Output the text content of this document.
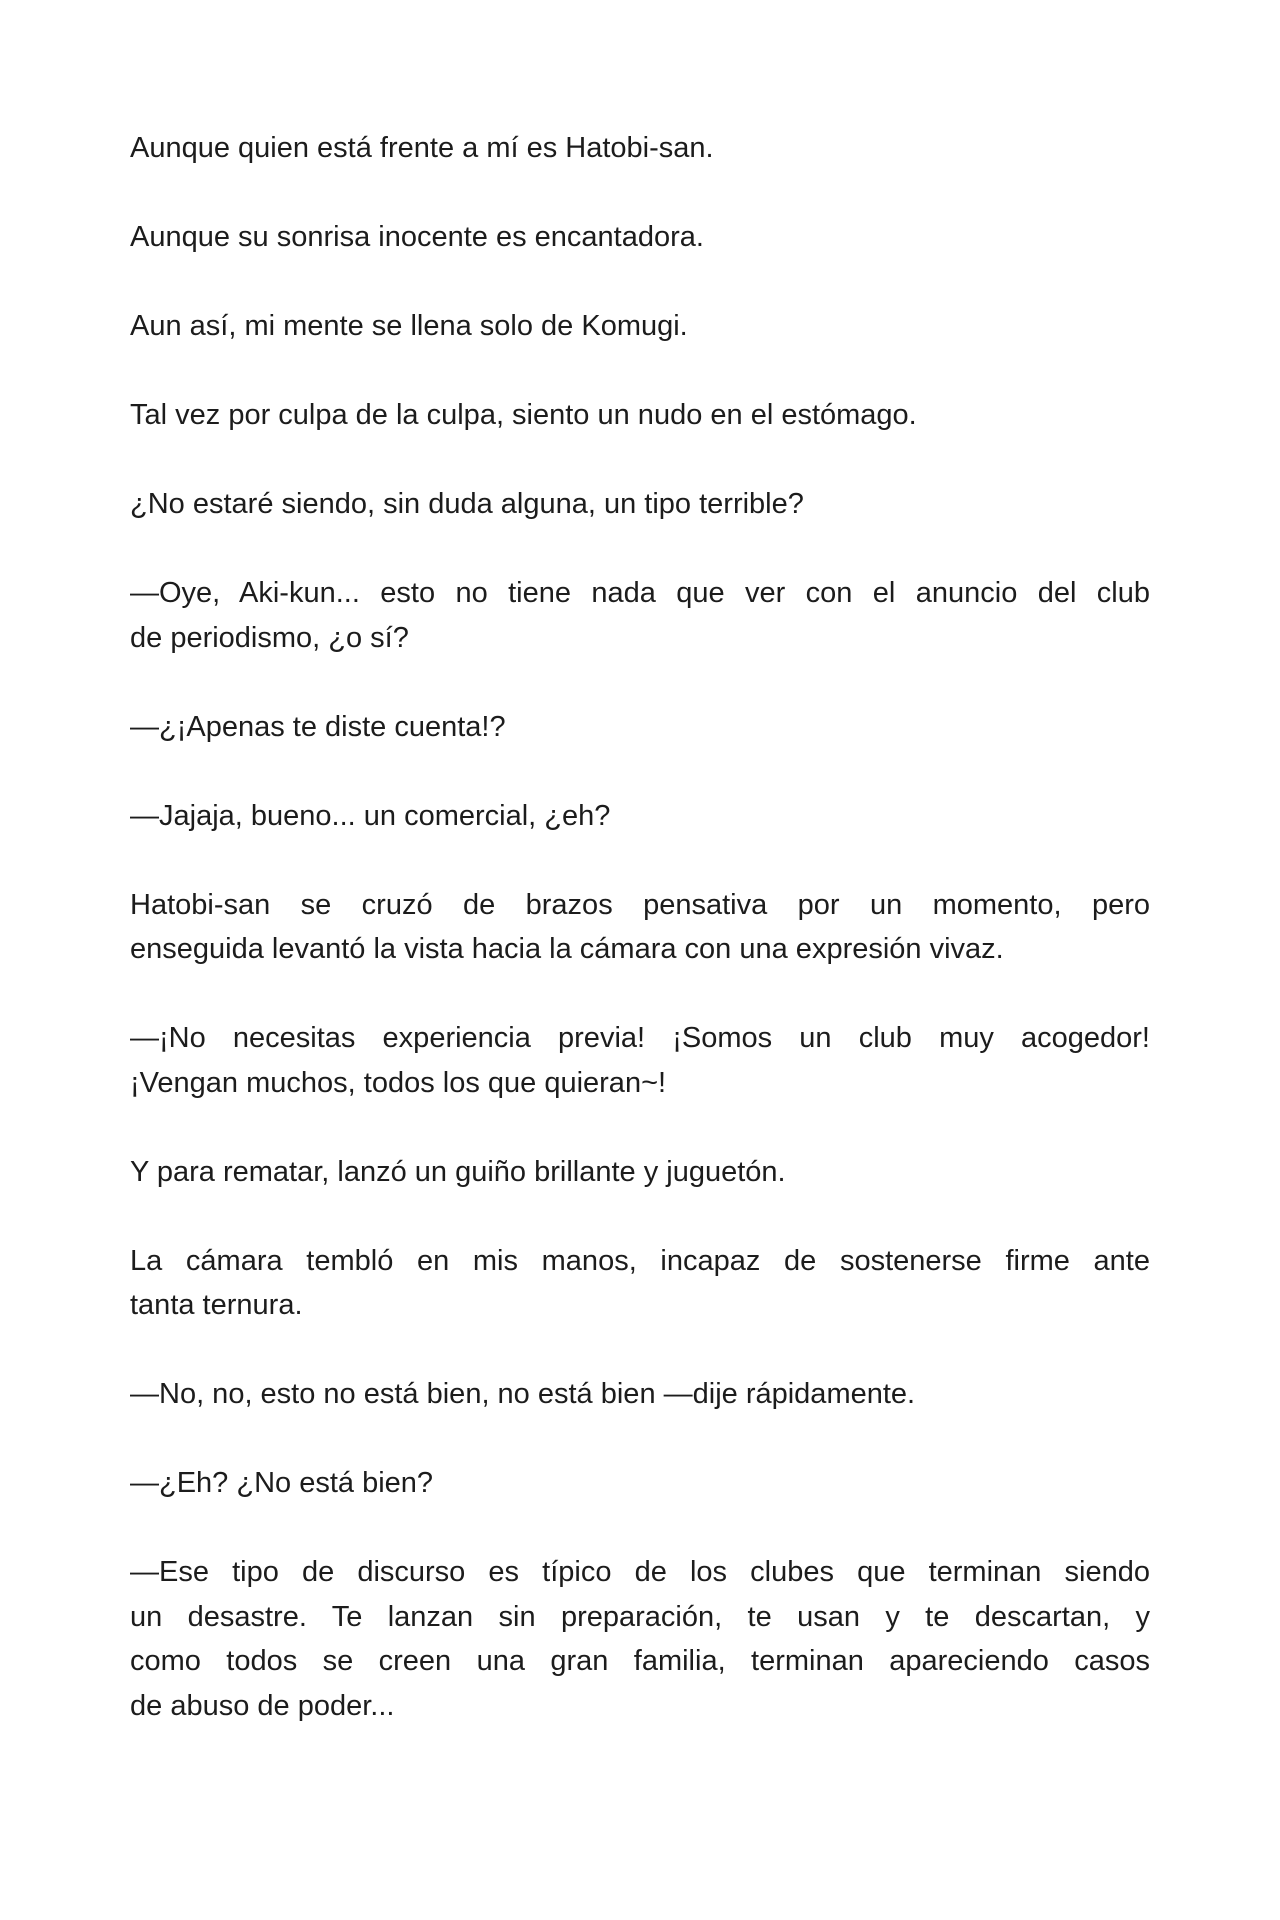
Aunque quien está frente a mí es Hatobi-san.

Aunque su sonrisa inocente es encantadora.

Aun así, mi mente se llena solo de Komugi.

Tal vez por culpa de la culpa, siento un nudo en el estómago.

¿No estaré siendo, sin duda alguna, un tipo terrible?

—Oye, Aki-kun... esto no tiene nada que ver con el anuncio del club
de periodismo, ¿o sí?

—¿¡Apenas te diste cuenta!?

—Jajaja, bueno... un comercial, ¿eh?

Hatobi-san se cruzó de brazos pensativa por un momento, pero
enseguida levantó la vista hacia la cámara con una expresión vivaz.

—¡No necesitas experiencia previa! ¡Somos un club muy acogedor!
¡Vengan muchos, todos los que quieran~!

Y para rematar, lanzó un guiño brillante y juguetón.

La cámara tembló en mis manos, incapaz de sostenerse firme ante
tanta ternura.

—No, no, esto no está bien, no está bien —dije rápidamente.

—¿Eh? ¿No está bien?

—Ese tipo de discurso es típico de los clubes que terminan siendo
un desastre. Te lanzan sin preparación, te usan y te descartan, y
como todos se creen una gran familia, terminan apareciendo casos
de abuso de poder...
